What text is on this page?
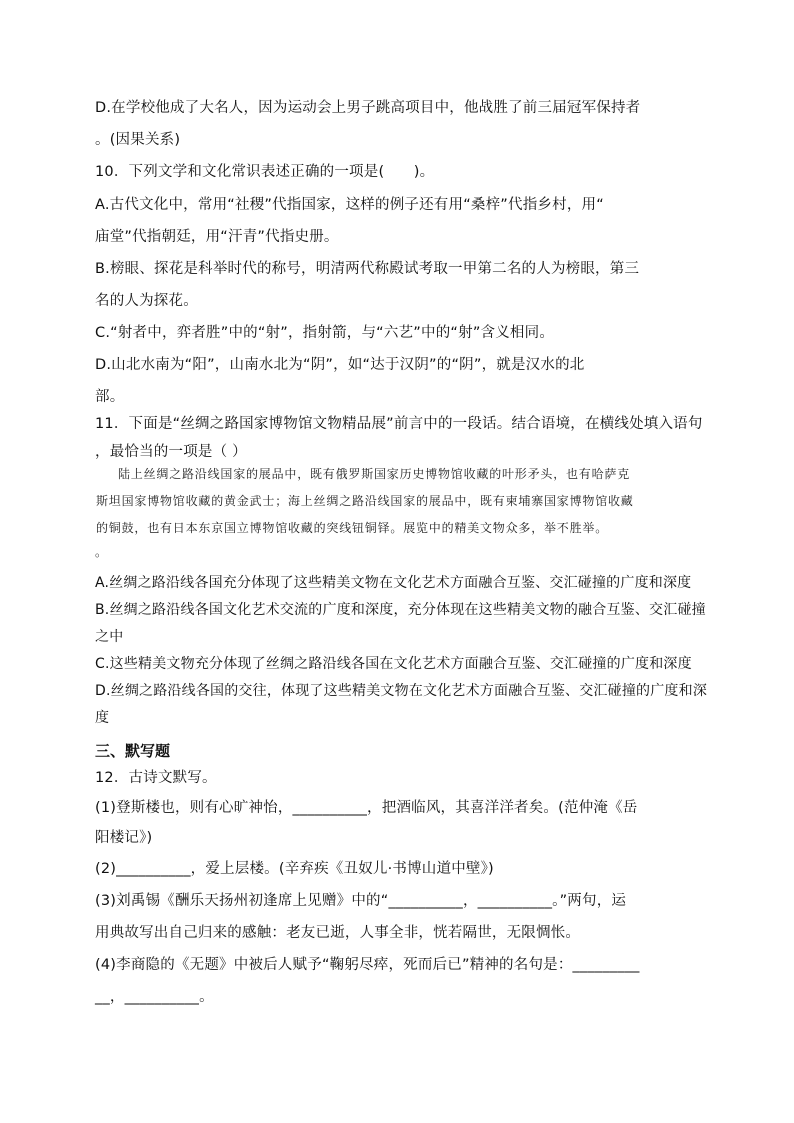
D.在学校他成了大名人，因为运动会上男子跳高项目中，他战胜了前三届冠军保持者
。(因果关系)
10．下列文学和文化常识表述正确的一项是(　　)。
A.古代文化中，常用“社稷”代指国家，这样的例子还有用“桑梓”代指乡村，用“
庙堂”代指朝廷，用“汗青”代指史册。
B.榜眼、探花是科举时代的称号，明清两代称殿试考取一甲第二名的人为榜眼，第三
名的人为探花。
C.“射者中，弈者胜”中的“射”，指射箭，与“六艺”中的“射”含义相同。
D.山北水南为“阳”，山南水北为“阴”，如“达于汉阴”的“阴”，就是汉水的北
部。
11．下面是“丝绸之路国家博物馆文物精品展”前言中的一段话。结合语境，在横线处填入语句
，最恰当的一项是（ ）
陆上丝绸之路沿线国家的展品中，既有俄罗斯国家历史博物馆收藏的叶形矛头，也有哈萨克
斯坦国家博物馆收藏的黄金武士；海上丝绸之路沿线国家的展品中，既有柬埔寨国家博物馆收藏
的铜鼓，也有日本东京国立博物馆收藏的突线钮铜铎。展览中的精美文物众多，举不胜举。
。
A.丝绸之路沿线各国充分体现了这些精美文物在文化艺术方面融合互鉴、交汇碰撞的广度和深度
B.丝绸之路沿线各国文化艺术交流的广度和深度，充分体现在这些精美文物的融合互鉴、交汇碰撞
之中
C.这些精美文物充分体现了丝绸之路沿线各国在文化艺术方面融合互鉴、交汇碰撞的广度和深度
D.丝绸之路沿线各国的交往，体现了这些精美文物在文化艺术方面融合互鉴、交汇碰撞的广度和深
度
三、默写题
12．古诗文默写。
(1)登斯楼也，则有心旷神怡，__________，把酒临风，其喜洋洋者矣。(范仲淹《岳
阳楼记》)
(2)__________，爱上层楼。(辛弃疾《丑奴儿·书博山道中壁》)
(3)刘禹锡《酬乐天扬州初逢席上见赠》中的“__________，__________。”两句，运
用典故写出自己归来的感触：老友已逝，人事全非，恍若隔世，无限惆怅。
(4)李商隐的《无题》中被后人赋予“鞠躬尽瘁，死而后已”精神的名句是：_________
__，__________。
